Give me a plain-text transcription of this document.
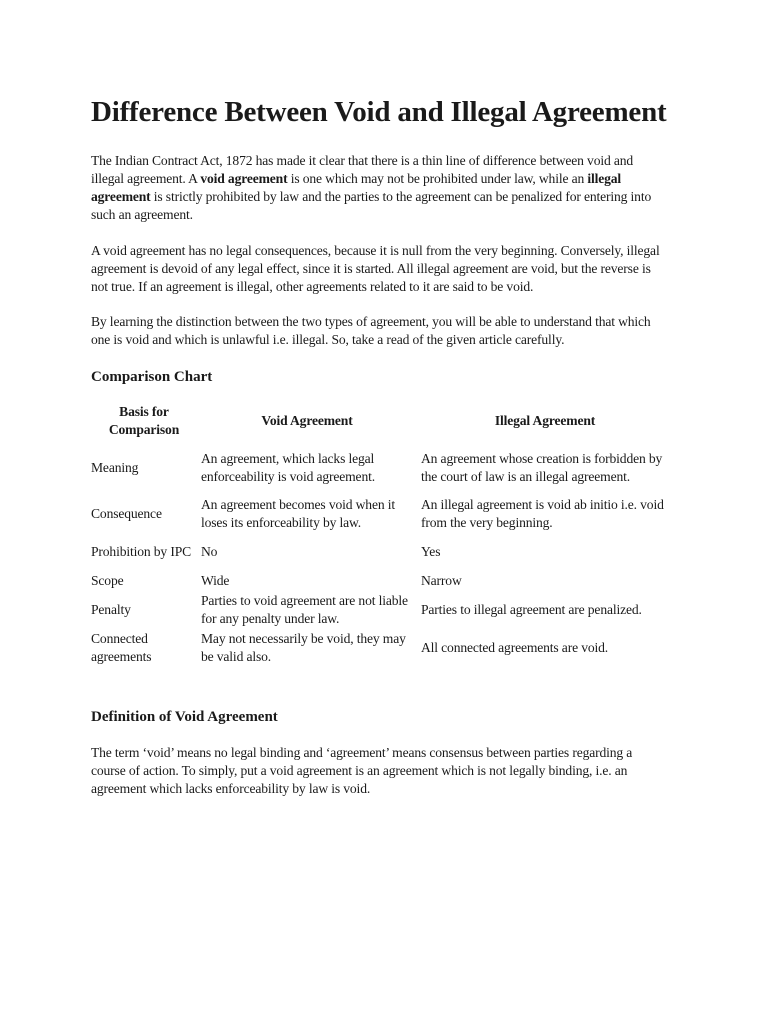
Difference Between Void and Illegal Agreement

The Indian Contract Act, 1872 has made it clear that there is a thin line of difference between void and illegal agreement. A void agreement is one which may not be prohibited under law, while an illegal agreement is strictly prohibited by law and the parties to the agreement can be penalized for entering into such an agreement.

A void agreement has no legal consequences, because it is null from the very beginning. Conversely, illegal agreement is devoid of any legal effect, since it is started. All illegal agreement are void, but the reverse is not true. If an agreement is illegal, other agreements related to it are said to be void.

By learning the distinction between the two types of agreement, you will be able to understand that which one is void and which is unlawful i.e. illegal. So, take a read of the given article carefully.

Comparison Chart
Basis for Comparison	Void Agreement	Illegal Agreement
Meaning	An agreement, which lacks legal enforceability is void agreement.	An agreement whose creation is forbidden by the court of law is an illegal agreement.
Consequence	An agreement becomes void when it loses its enforceability by law.	An illegal agreement is void ab initio i.e. void from the very beginning.
Prohibition by IPC	No	Yes
Scope	Wide	Narrow
Penalty	Parties to void agreement are not liable for any penalty under law.	Parties to illegal agreement are penalized.
Connected agreements	May not necessarily be void, they may be valid also.	All connected agreements are void.
Definition of Void Agreement

The term ‘void’ means no legal binding and ‘agreement’ means consensus between parties regarding a course of action. To simply, put a void agreement is an agreement which is not legally binding, i.e. an agreement which lacks enforceability by law is void.
